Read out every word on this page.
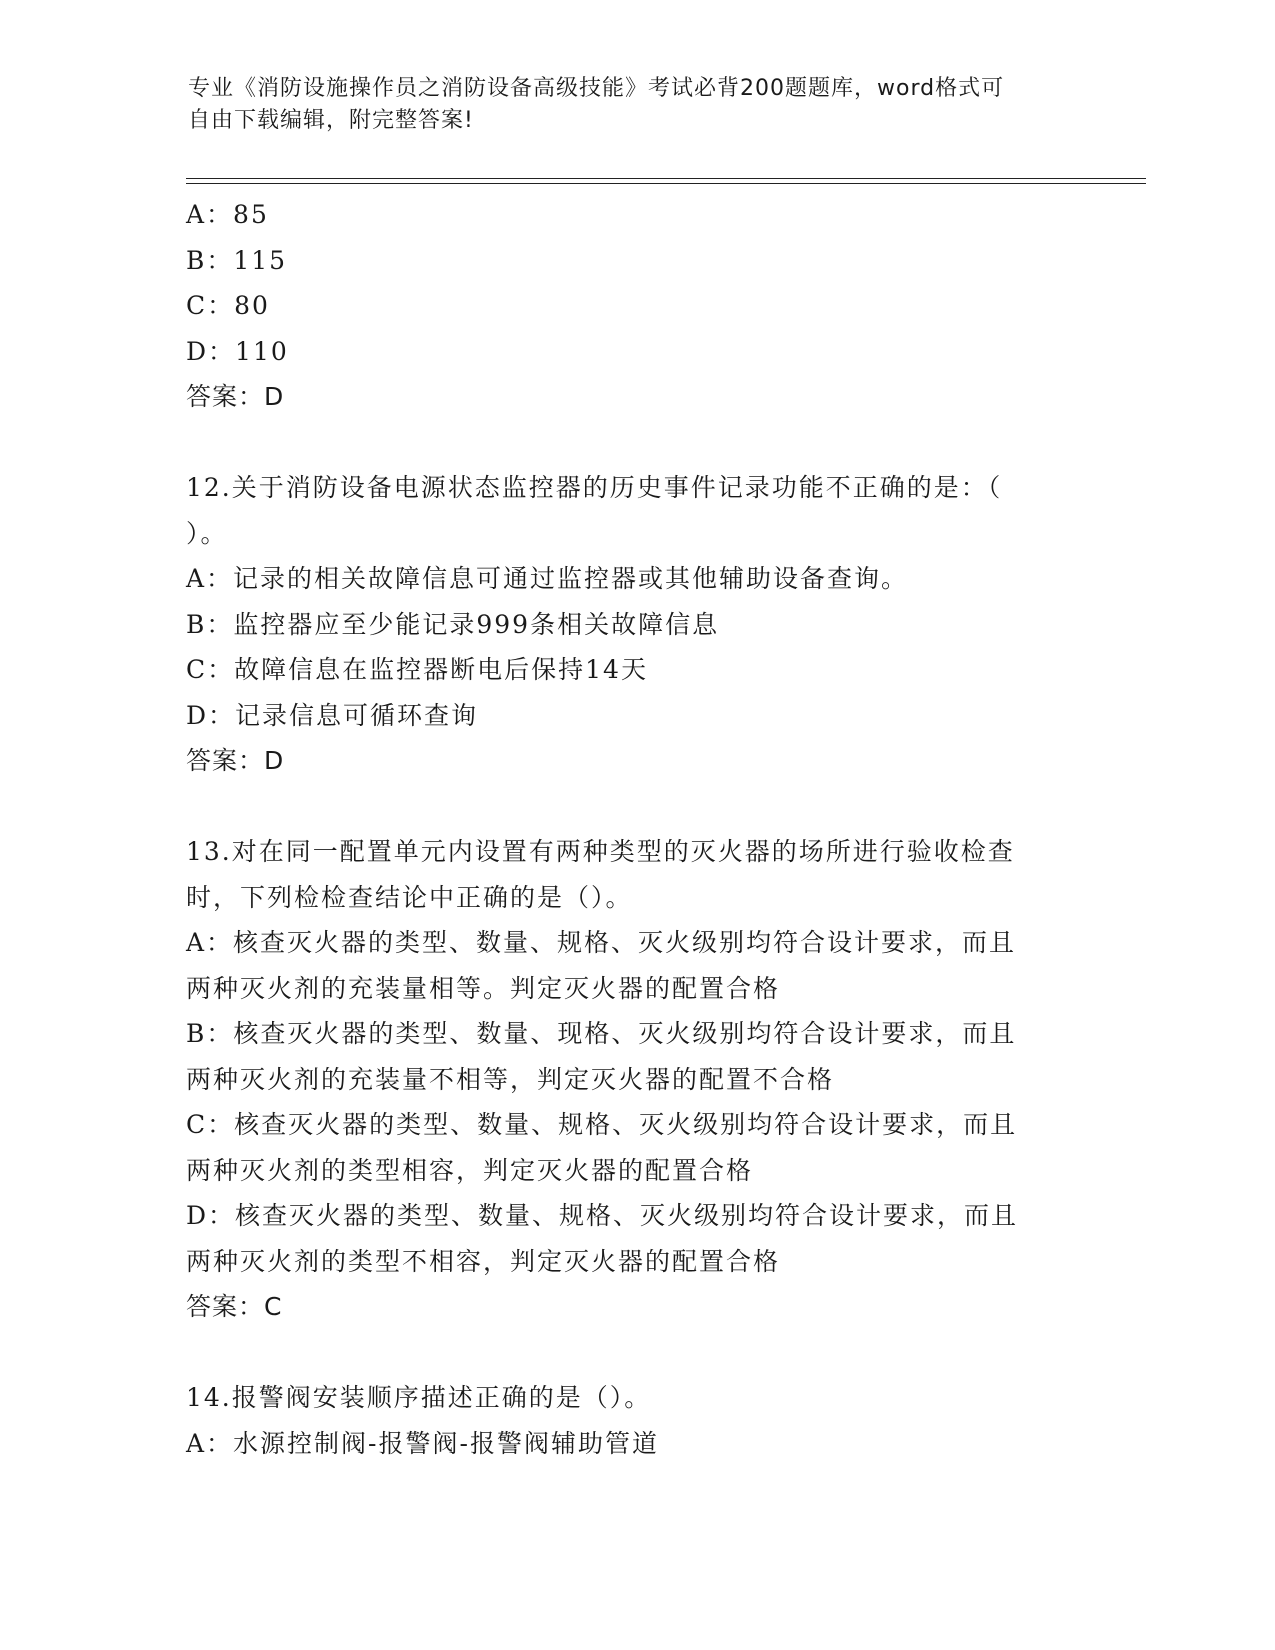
专业《消防设施操作员之消防设备高级技能》考试必背200题题库，word格式可
自由下载编辑，附完整答案!
A：85
B：115
C：80
D：110
答案：D
12.关于消防设备电源状态监控器的历史事件记录功能不正确的是：（
）。
A：记录的相关故障信息可通过监控器或其他辅助设备查询。
B：监控器应至少能记录999条相关故障信息
C：故障信息在监控器断电后保持14天
D：记录信息可循环查询
答案：D
13.对在同一配置单元内设置有两种类型的灭火器的场所进行验收检查
时，下列检检查结论中正确的是（）。
A：核查灭火器的类型、数量、规格、灭火级别均符合设计要求，而且
两种灭火剂的充装量相等。判定灭火器的配置合格
B：核查灭火器的类型、数量、现格、灭火级别均符合设计要求，而且
两种灭火剂的充装量不相等，判定灭火器的配置不合格
C：核查灭火器的类型、数量、规格、灭火级别均符合设计要求，而且
两种灭火剂的类型相容，判定灭火器的配置合格
D：核查灭火器的类型、数量、规格、灭火级别均符合设计要求，而且
两种灭火剂的类型不相容，判定灭火器的配置合格
答案：C
14.报警阀安装顺序描述正确的是（）。
A：水源控制阀-报警阀-报警阀辅助管道
